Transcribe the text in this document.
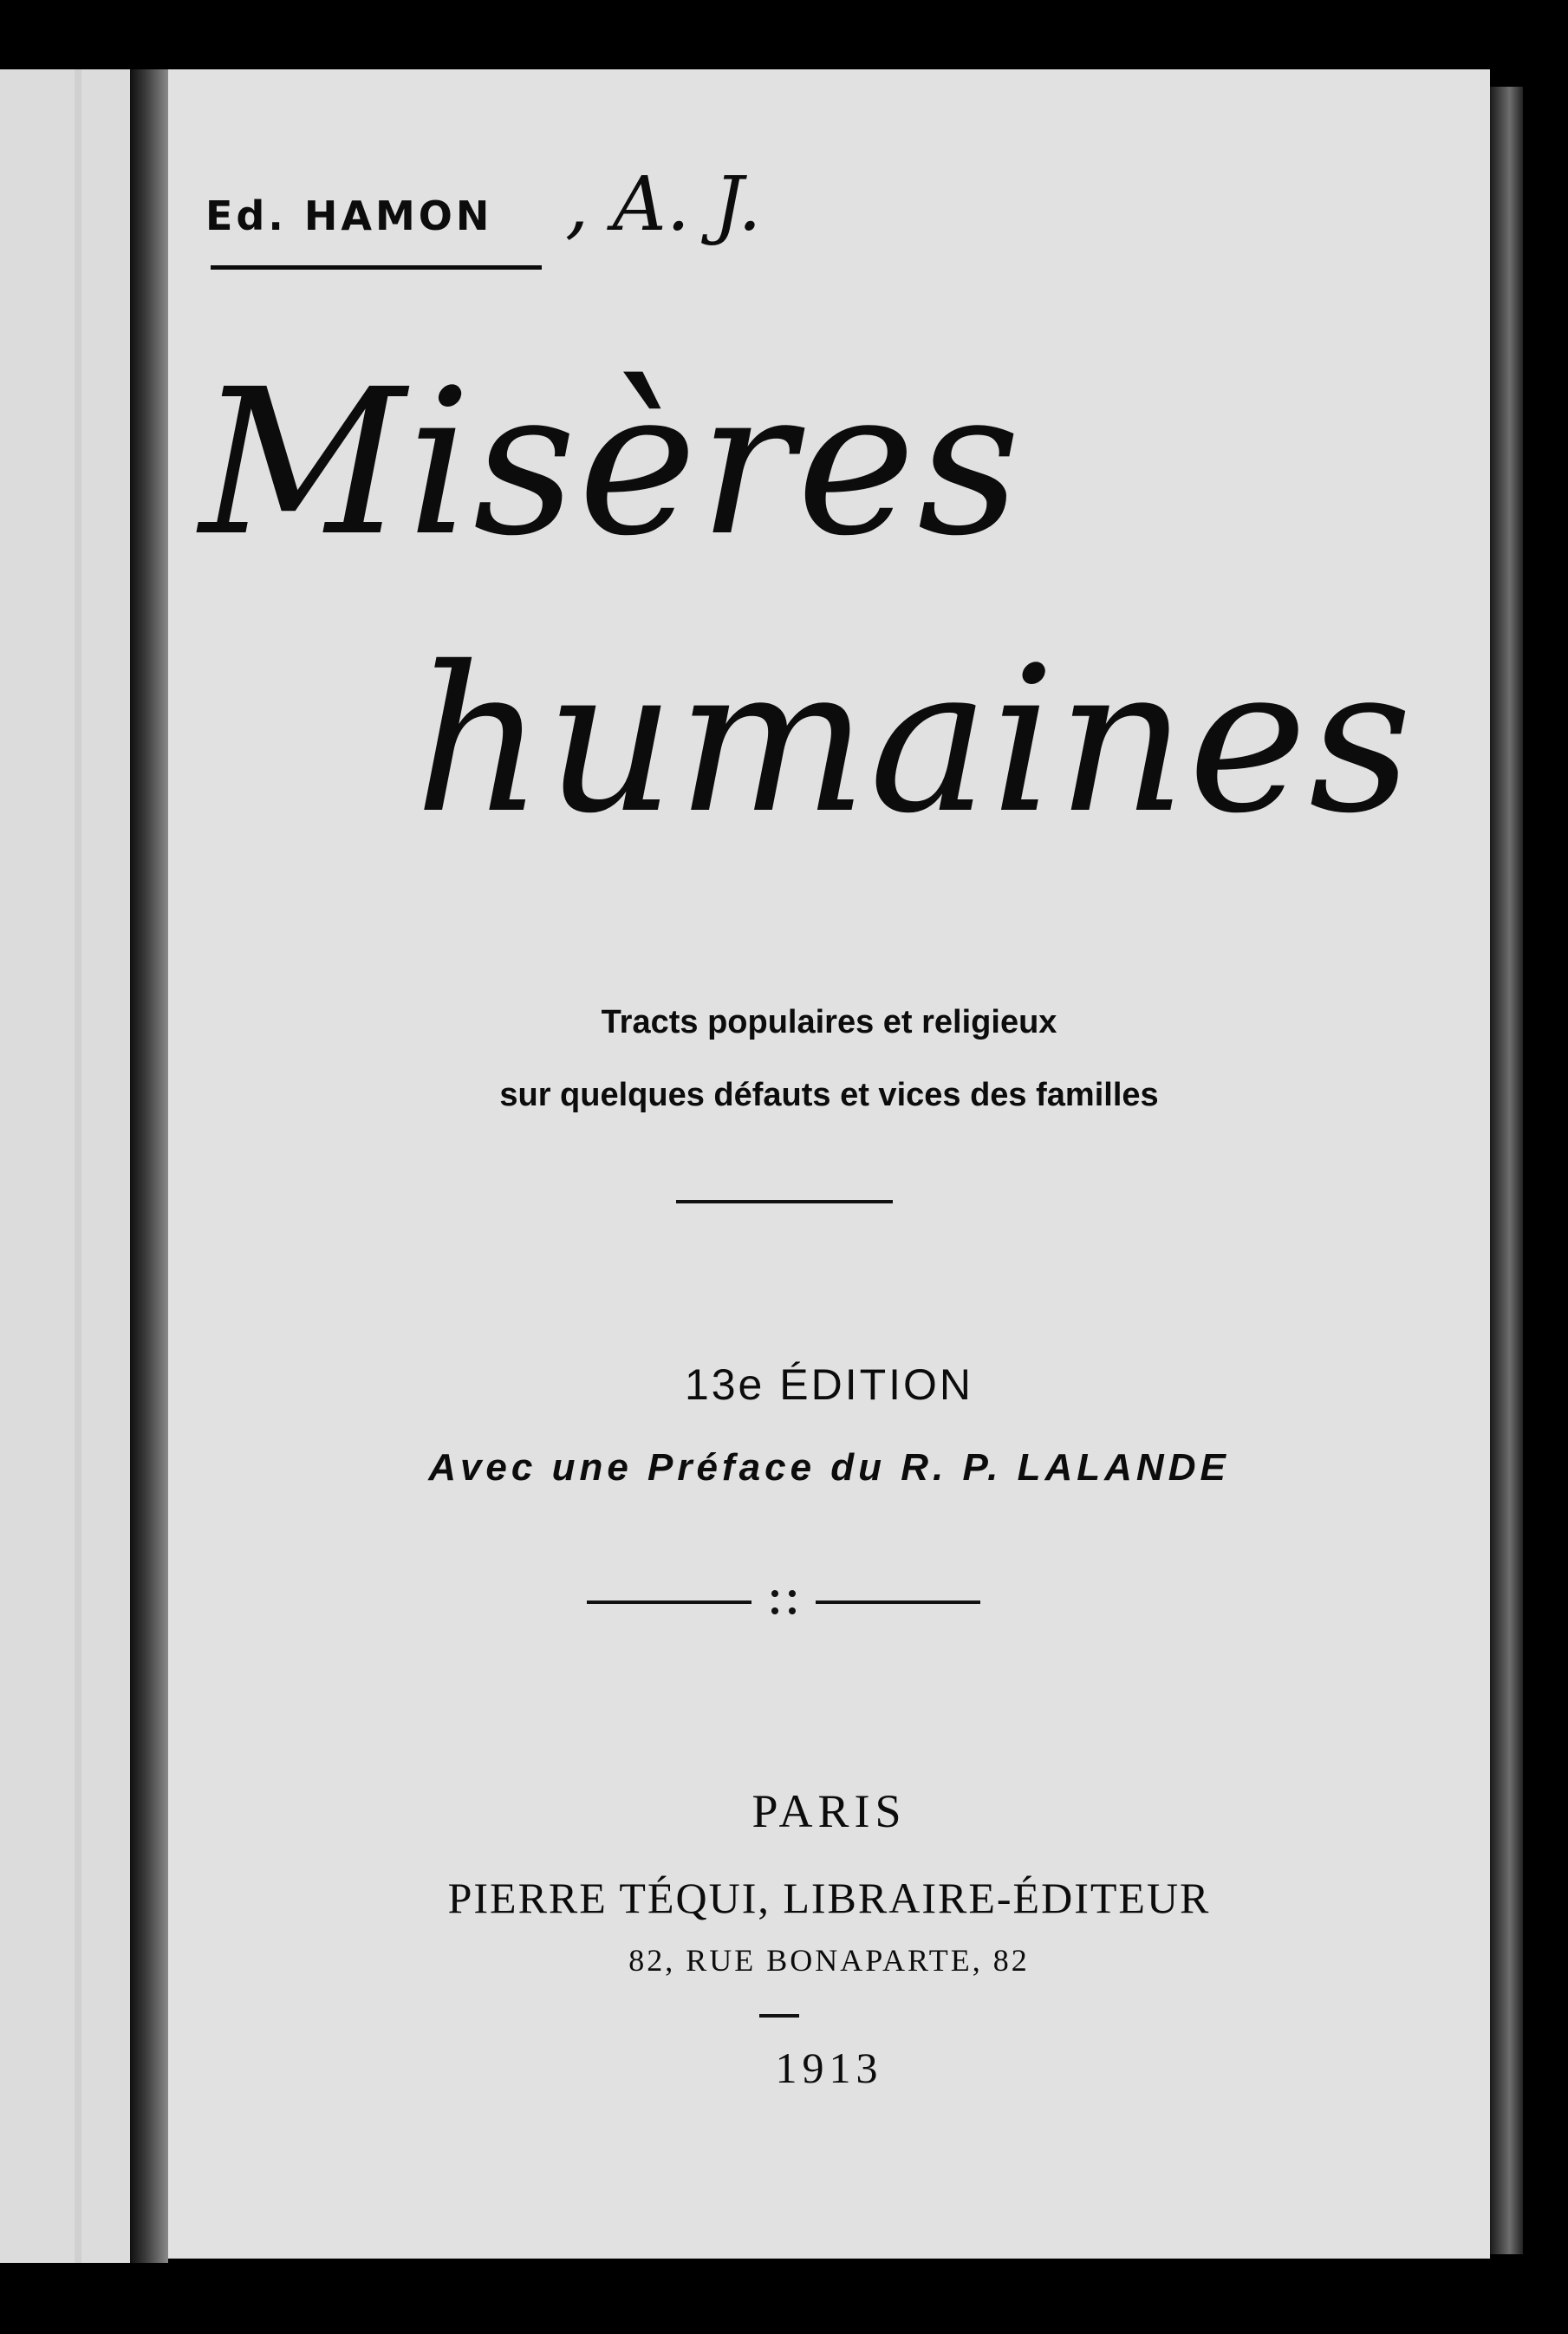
Ed. HAMON , A. J.

Misères

humaines

Tracts populaires et religieux

sur quelques défauts et vices des familles

13e ÉDITION

Avec une Préface du R. P. LALANDE

PARIS

PIERRE TÉQUI, LIBRAIRE-ÉDITEUR

82, RUE BONAPARTE, 82

1913
